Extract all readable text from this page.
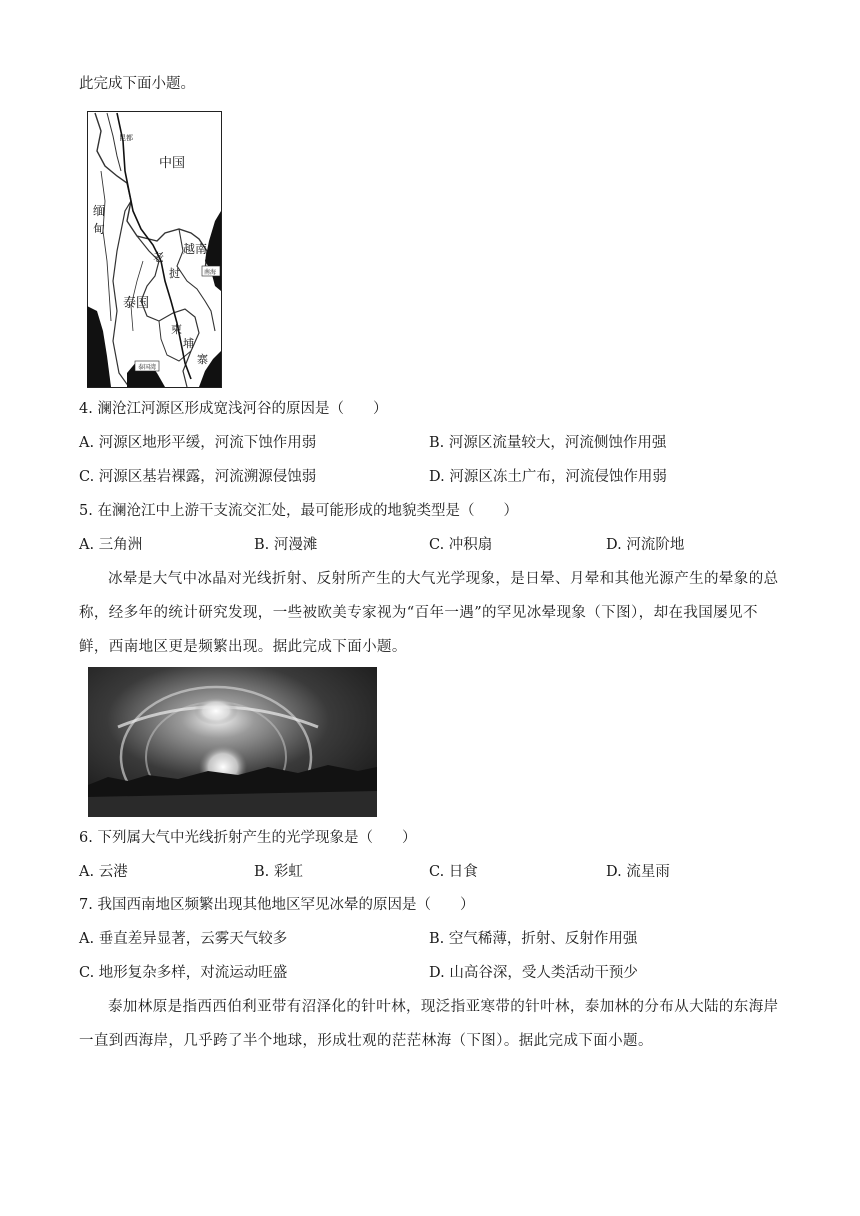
此完成下面小题。
昆都
中国
缅
甸
越南
老
挝
泰国
柬
埔
寨
南海
泰国湾
4. 澜沧江河源区形成宽浅河谷的原因是（　　）
A. 河源区地形平缓，河流下蚀作用弱	B. 河源区流量较大，河流侧蚀作用强
C. 河源区基岩裸露，河流溯源侵蚀弱	D. 河源区冻土广布，河流侵蚀作用弱
5. 在澜沧江中上游干支流交汇处，最可能形成的地貌类型是（　　）
A. 三角洲	B. 河漫滩	C. 冲积扇	D. 河流阶地
冰晕是大气中冰晶对光线折射、反射所产生的大气光学现象，是日晕、月晕和其他光源产生的晕象的总称，经多年的统计研究发现，一些被欧美专家视为“百年一遇”的罕见冰晕现象（下图），却在我国屡见不鲜，西南地区更是频繁出现。据此完成下面小题。
6. 下列属大气中光线折射产生的光学现象是（　　）
A. 云港	B. 彩虹	C. 日食	D. 流星雨
7. 我国西南地区频繁出现其他地区罕见冰晕的原因是（　　）
A. 垂直差异显著，云雾天气较多	B. 空气稀薄，折射、反射作用强
C. 地形复杂多样，对流运动旺盛	D. 山高谷深，受人类活动干预少
泰加林原是指西西伯利亚带有沼泽化的针叶林，现泛指亚寒带的针叶林，泰加林的分布从大陆的东海岸一直到西海岸，几乎跨了半个地球，形成壮观的茫茫林海（下图）。据此完成下面小题。
